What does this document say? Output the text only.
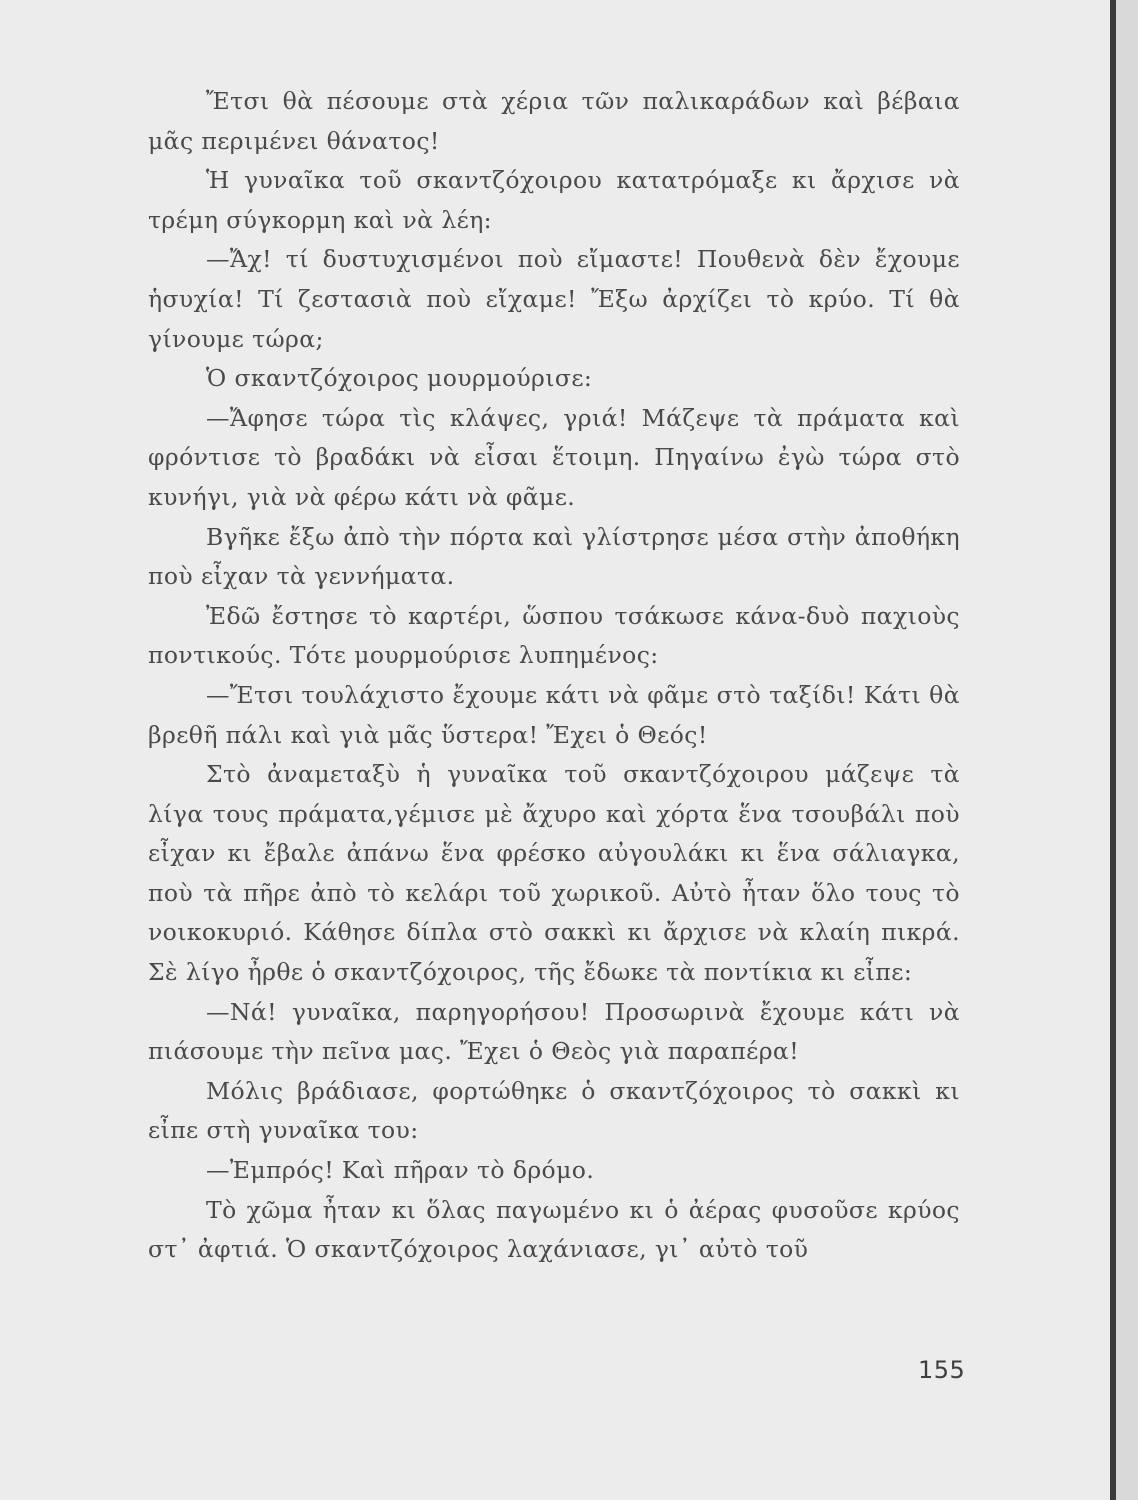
Ἔτσι θὰ πέσουμε στὰ χέρια τῶν παλικαράδων καὶ βέβαια μᾶς περιμένει θάνατος!

Ἡ γυναῖκα τοῦ σκαντζόχοιρου κατατρόμαξε κι ἄρχισε νὰ τρέμη σύγκορμη καὶ νὰ λέη:

—Ἄχ! τί δυστυχισμένοι ποὺ εἴμαστε! Πουθενὰ δὲν ἔχουμε ἡσυχία! Τί ζεστασιὰ ποὺ εἴχαμε! Ἔξω ἀρχίζει τὸ κρύο. Τί θὰ γίνουμε τώρα;

Ὁ σκαντζόχοιρος μουρμούρισε:

—Ἄφησε τώρα τὶς κλάψες, γριά! Μάζεψε τὰ πράματα καὶ φρόντισε τὸ βραδάκι νὰ εἶσαι ἕτοιμη. Πηγαίνω ἐγὼ τώρα στὸ κυνήγι, γιὰ νὰ φέρω κάτι νὰ φᾶμε.

Βγῆκε ἔξω ἀπὸ τὴν πόρτα καὶ γλίστρησε μέσα στὴν ἀποθήκη ποὺ εἶχαν τὰ γεννήματα.

Ἐδῶ ἔστησε τὸ καρτέρι, ὥσπου τσάκωσε κάνα-δυὸ παχιοὺς ποντικούς. Τότε μουρμούρισε λυπημένος:

—Ἔτσι τουλάχιστο ἔχουμε κάτι νὰ φᾶμε στὸ ταξίδι! Κάτι θὰ βρεθῆ πάλι καὶ γιὰ μᾶς ὕστερα! Ἔχει ὁ Θεός!

Στὸ ἀναμεταξὺ ἡ γυναῖκα τοῦ σκαντζόχοιρου μάζεψε τὰ λίγα τους πράματα,γέμισε μὲ ἄχυρο καὶ χόρτα ἕνα τσουβάλι ποὺ εἶχαν κι ἔβαλε ἀπάνω ἕνα φρέσκο αὐγουλάκι κι ἕνα σάλιαγκα, ποὺ τὰ πῆρε ἀπὸ τὸ κελάρι τοῦ χωρικοῦ. Αὐτὸ ἦταν ὅλο τους τὸ νοικοκυριό. Κάθησε δίπλα στὸ σακκὶ κι ἄρχισε νὰ κλαίη πικρά. Σὲ λίγο ἦρθε ὁ σκαντζόχοιρος, τῆς ἔδωκε τὰ ποντίκια κι εἶπε:

—Νά! γυναῖκα, παρηγορήσου! Προσωρινὰ ἔχουμε κάτι νὰ πιάσουμε τὴν πεῖνα μας. Ἔχει ὁ Θεὸς γιὰ παραπέρα!

Μόλις βράδιασε, φορτώθηκε ὁ σκαντζόχοιρος τὸ σακκὶ κι εἶπε στὴ γυναῖκα του:

—Ἐμπρός! Καὶ πῆραν τὸ δρόμο.

Τὸ χῶμα ἦταν κι ὅλας παγωμένο κι ὁ ἀέρας φυσοῦσε κρύος στ᾽ ἀφτιά. Ὁ σκαντζόχοιρος λαχάνιασε, γι᾽ αὐτὸ τοῦ

155
